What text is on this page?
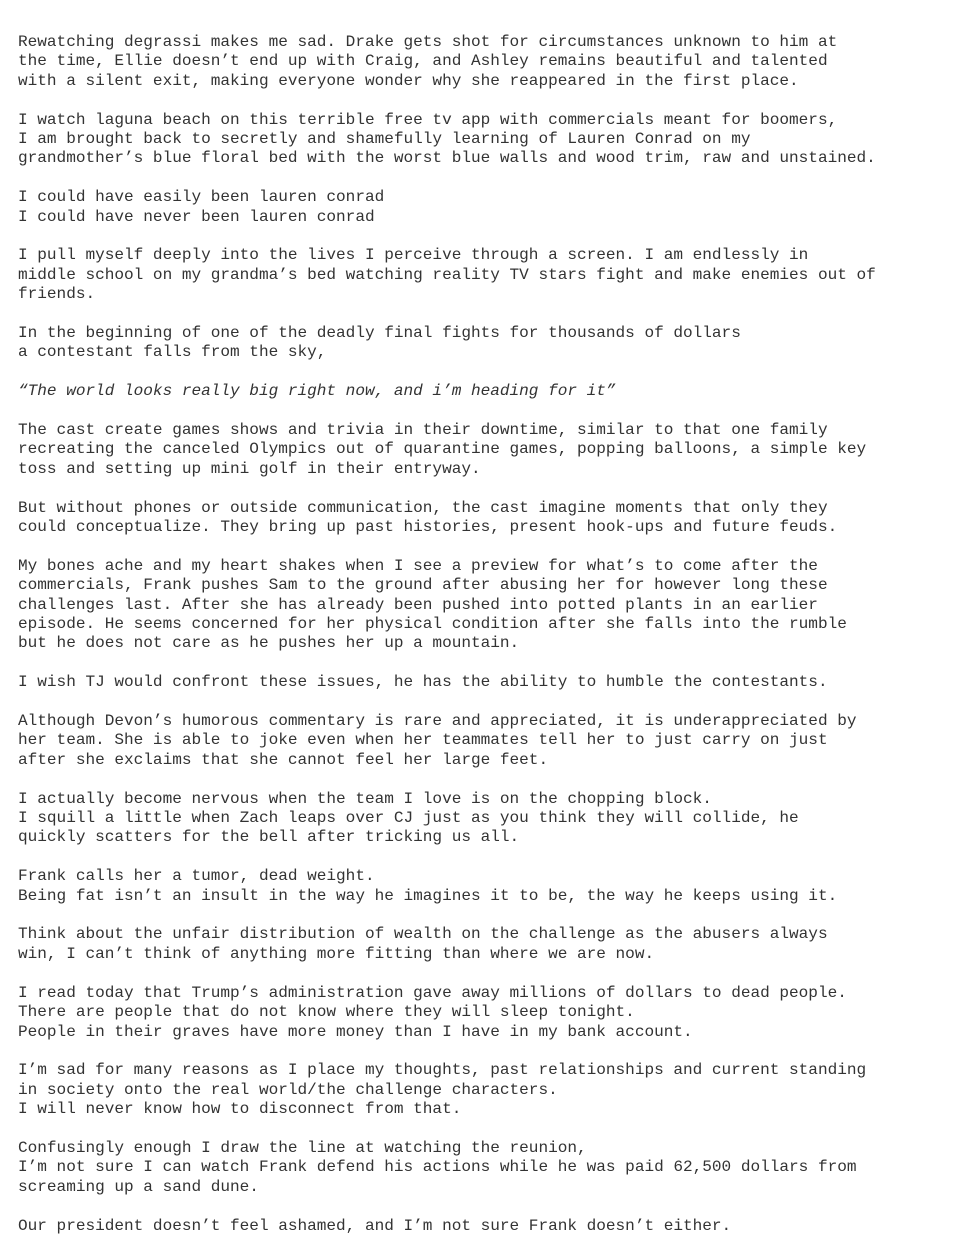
Rewatching degrassi makes me sad. Drake gets shot for circumstances unknown to him at
the time, Ellie doesn’t end up with Craig, and Ashley remains beautiful and talented
with a silent exit, making everyone wonder why she reappeared in the first place.
I watch laguna beach on this terrible free tv app with commercials meant for boomers,
I am brought back to secretly and shamefully learning of Lauren Conrad on my
grandmother’s blue floral bed with the worst blue walls and wood trim, raw and unstained.
I could have easily been lauren conrad
I could have never been lauren conrad
I pull myself deeply into the lives I perceive through a screen. I am endlessly in
middle school on my grandma’s bed watching reality TV stars fight and make enemies out of
friends.
In the beginning of one of the deadly final fights for thousands of dollars
a contestant falls from the sky,
“The world looks really big right now, and i’m heading for it”
The cast create games shows and trivia in their downtime, similar to that one family
recreating the canceled Olympics out of quarantine games, popping balloons, a simple key
toss and setting up mini golf in their entryway.
But without phones or outside communication, the cast imagine moments that only they
could conceptualize. They bring up past histories, present hook-ups and future feuds.
My bones ache and my heart shakes when I see a preview for what’s to come after the
commercials, Frank pushes Sam to the ground after abusing her for however long these
challenges last. After she has already been pushed into potted plants in an earlier
episode. He seems concerned for her physical condition after she falls into the rumble
but he does not care as he pushes her up a mountain.
I wish TJ would confront these issues, he has the ability to humble the contestants.
Although Devon’s humorous commentary is rare and appreciated, it is underappreciated by
her team. She is able to joke even when her teammates tell her to just carry on just
after she exclaims that she cannot feel her large feet.
I actually become nervous when the team I love is on the chopping block.
I squill a little when Zach leaps over CJ just as you think they will collide, he
quickly scatters for the bell after tricking us all.
Frank calls her a tumor, dead weight.
Being fat isn’t an insult in the way he imagines it to be, the way he keeps using it.
Think about the unfair distribution of wealth on the challenge as the abusers always
win, I can’t think of anything more fitting than where we are now.
I read today that Trump’s administration gave away millions of dollars to dead people.
There are people that do not know where they will sleep tonight.
People in their graves have more money than I have in my bank account.
I’m sad for many reasons as I place my thoughts, past relationships and current standing
in society onto the real world/the challenge characters.
I will never know how to disconnect from that.
Confusingly enough I draw the line at watching the reunion,
I’m not sure I can watch Frank defend his actions while he was paid 62,500 dollars from
screaming up a sand dune.
Our president doesn’t feel ashamed, and I’m not sure Frank doesn’t either.
